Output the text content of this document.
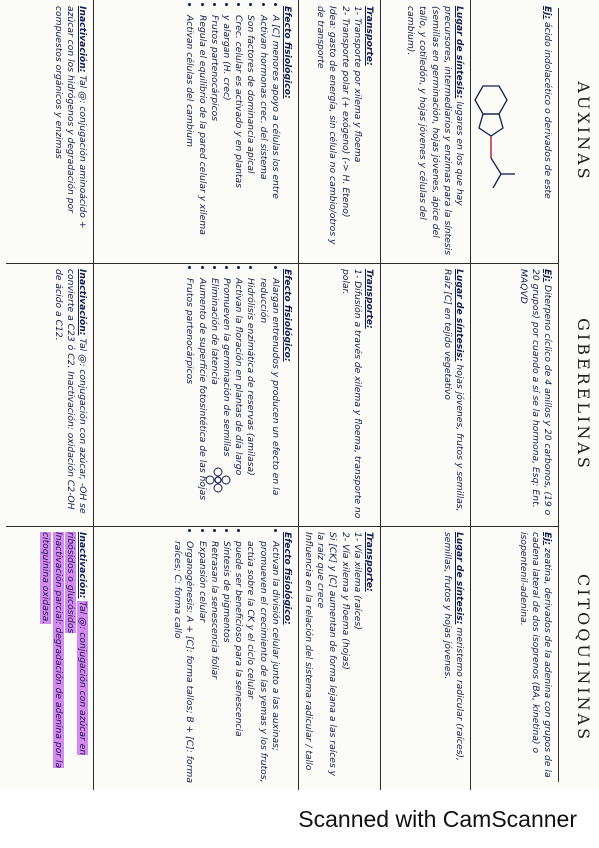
AUXINAS
Ej: ácido indolacético o derivados de este
Lugar de síntesis: lugares en los que hay precursores, intermediarios y enzimas para la síntesis (semillas en germinación, hojas jóvenes, ápice del tallo, y cotiledón, y hojas jóvenes y células del cambium).
Transporte:
1- Transporte por xilema y floema
2- Transporte polar (+ exógeno) (-> H. Eteno)
Idea: gasto de energía, sin célula no cambio/otros y de transporte
Efecto fisiológico:
• A [C] menores apoyo a células los entre
• Activan hormonas crec. del sistema
• Son factores de dominancia apical
• Crec. celular es activado y en plantas
• y alargan (H. crec)
• Frutos partenocárpicos
• Regula el equilibrio de la pared celular y xilema
• Activan células del cambium
Inactivación: Tal @: conjugación aminoácido + azúcar con los hidrógenos y degradación por compuestos orgánicos y enzimas
GIBERELINAS
Ej: Diterpeno cíclico de 4 anillos y 20 carbonos, (19 o 20 grupos) por cuando a sí se la hormona, Esq: Ent. MAQVD
Lugar de síntesis: hojas jóvenes, frutos y semillas, Raíz [C] en tejido vegetativo
Transporte:
1- Difusión a través de xilema y floema, transporte no polar.
Efecto fisiológico:
• Alargan entrenudos y producen un efecto en la reducción
• Hidrólisis enzimática de reservas (amilasa)
• Activan la floración en plantas de día largo
• Promueven la germinación de semillas
• Eliminación de latencia
• Aumento de superficie fotosintética de las hojas
• Frutos partenocárpicos
Inactivación: Tal @: conjugación con azúcar, -OH se convierte a C23 ó C2. Inactivación: oxidación C2-OH de ácido a C12.
CITOQUININAS
Ej: zeatina, derivados de la adenina con grupos de la cadena lateral de dos isoprenos (BA, kinetina) o isopentenil-adenina.
Lugar de síntesis: meristemo radicular (raíces), semillas, frutos y hojas jóvenes.
Transporte:
1- Vía xilema (raíces)
2- Vía xilema y floema (hojas)
Si [CK] y [C] aumentan de forma lejana a las raíces y la raíz que crece
Influencia en la relación del sistema radicular / tallo
Efecto fisiológico:
• Activan la división celular junto a las auxinas; promueven el crecimiento de las yemas y los frutos, actúa sobre la CK y el ciclo celular
• puede ser beneficioso para la senescencia
• Síntesis de pigmentos
• Retrasan la senescencia foliar
• Expansión celular
• Organogénesis: A + [C]: forma tallos; B + [C]: forma raíces; C: forma callo
Inactivación: Tal @: conjugación con azúcar en ribósidos o glucósidos
Inactivación parcial: degradación de adenina por la citoquinina oxidasa.
Scanned with CamScanner
